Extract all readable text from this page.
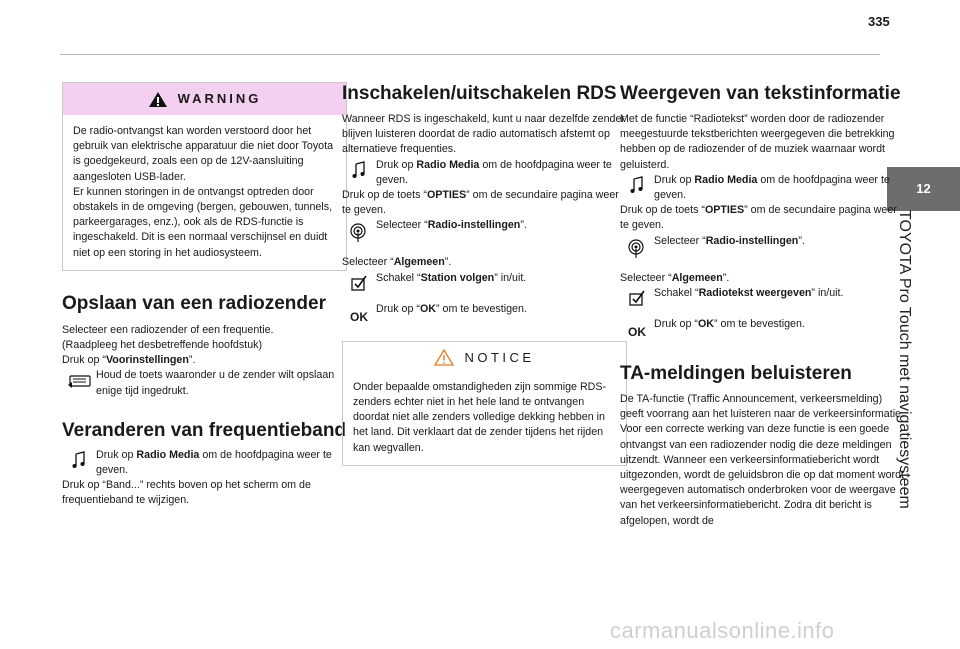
335
12
TOYOTA Pro Touch met navigatiesysteem
WARNING

De radio-ontvangst kan worden verstoord door het gebruik van elektrische apparatuur die niet door Toyota is goedgekeurd, zoals een op de 12V-aansluiting aangesloten USB-lader.

Er kunnen storingen in de ontvangst optreden door obstakels in de omgeving (bergen, gebouwen, tunnels, parkeergarages, enz.), ook als de RDS-functie is ingeschakeld. Dit is een normaal verschijnsel en duidt niet op een storing in het audiosysteem.

Opslaan van een radiozender

Selecteer een radiozender of een frequentie.

(Raadpleeg het desbetreffende hoofdstuk)

Druk op “Voorinstellingen”.

Houd de toets waaronder u de zender wilt opslaan enige tijd ingedrukt.

Veranderen van frequentieband

Druk op Radio Media om de hoofdpagina weer te geven.

Druk op “Band...” rechts boven op het scherm om de frequentieband te wijzigen.

Inschakelen/uitschakelen RDS

Wanneer RDS is ingeschakeld, kunt u naar dezelfde zender blijven luisteren doordat de radio automatisch afstemt op alternatieve frequenties.

Druk op Radio Media om de hoofdpagina weer te geven.

Druk op de toets “OPTIES” om de secundaire pagina weer te geven.

Selecteer “Radio-instellingen”.

Selecteer “Algemeen”.

Schakel “Station volgen” in/uit.

OK

Druk op “OK” om te bevestigen.

NOTICE

Onder bepaalde omstandigheden zijn sommige RDS-zenders echter niet in het hele land te ontvangen doordat niet alle zenders volledige dekking hebben in het land. Dit verklaart dat de zender tijdens het rijden kan wegvallen.

Weergeven van tekstinformatie

Met de functie “Radiotekst” worden door de radiozender meegestuurde tekstberichten weergegeven die betrekking hebben op de radiozender of de muziek waarnaar wordt geluisterd.

Druk op Radio Media om de hoofdpagina weer te geven.

Druk op de toets “OPTIES” om de secundaire pagina weer te geven.

Selecteer “Radio-instellingen”.

Selecteer “Algemeen”.

Schakel “Radiotekst weergeven” in/uit.

OK

Druk op “OK” om te bevestigen.

TA-meldingen beluisteren

De TA-functie (Traffic Announcement, verkeersmelding) geeft voorrang aan het luisteren naar de verkeersinformatie. Voor een correcte werking van deze functie is een goede ontvangst van een radiozender nodig die deze meldingen uitzendt. Wanneer een verkeersinformatiebericht wordt uitgezonden, wordt de geluidsbron die op dat moment wordt weergegeven automatisch onderbroken voor de weergave van het verkeersinformatiebericht. Zodra dit bericht is afgelopen, wordt de

carmanualsonline.info
